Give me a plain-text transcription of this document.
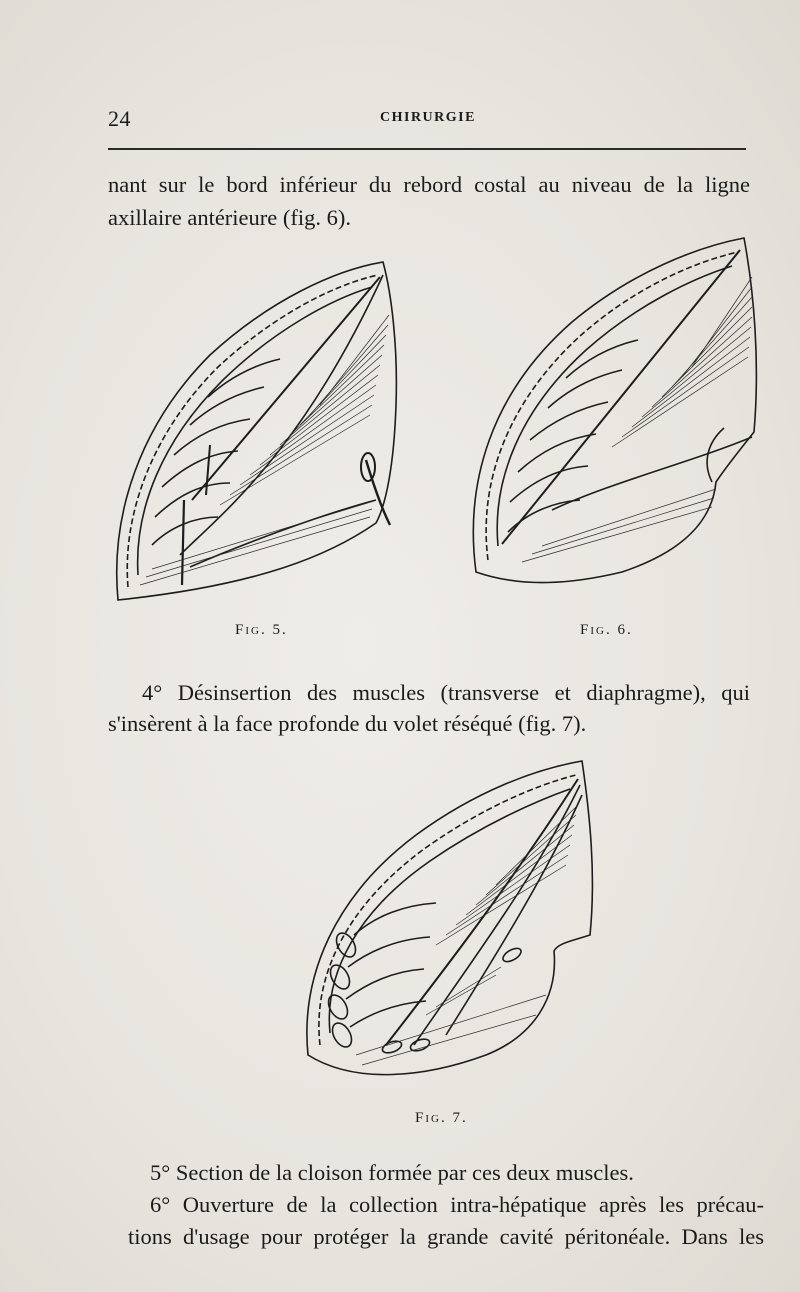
24	CHIRURGIE
nant sur le bord inférieur du rebord costal au niveau de la ligne
axillaire antérieure (fig. 6).
Fig. 5.	Fig. 6.
4° Désinsertion des muscles (transverse et diaphragme), qui
s'insèrent à la face profonde du volet réséqué (fig. 7).
Fig. 7.
5° Section de la cloison formée par ces deux muscles.
6° Ouverture de la collection intra-hépatique après les précau-
tions d'usage pour protéger la grande cavité péritonéale. Dans les
